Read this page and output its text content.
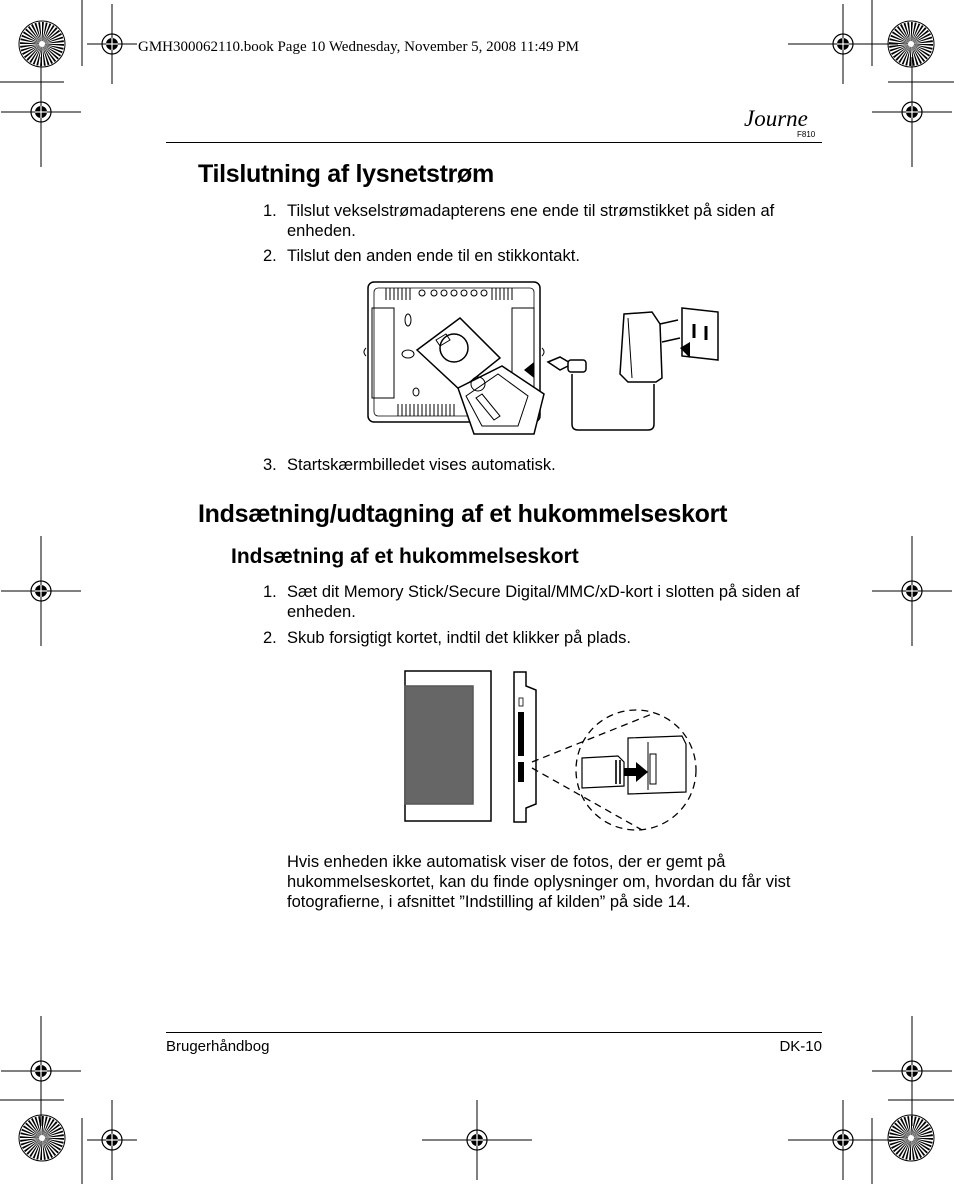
GMH300062110.book Page 10 Wednesday, November 5, 2008 11:49 PM
Journe
F810
Tilslutning af lysnetstrøm
1. Tilslut vekselstrømadapterens ene ende til strømstikket på siden af enheden.
2. Tilslut den anden ende til en stikkontakt.
3. Startskærmbilledet vises automatisk.
Indsætning/udtagning af et hukommelseskort
Indsætning af et hukommelseskort
1. Sæt dit Memory Stick/Secure Digital/MMC/xD-kort i slotten på siden af enheden.
2. Skub forsigtigt kortet, indtil det klikker på plads.
Hvis enheden ikke automatisk viser de fotos, der er gemt på hukommelseskortet, kan du finde oplysninger om, hvordan du får vist fotografierne, i afsnittet ”Indstilling af kilden” på side 14.
Brugerhåndbog	DK-10
